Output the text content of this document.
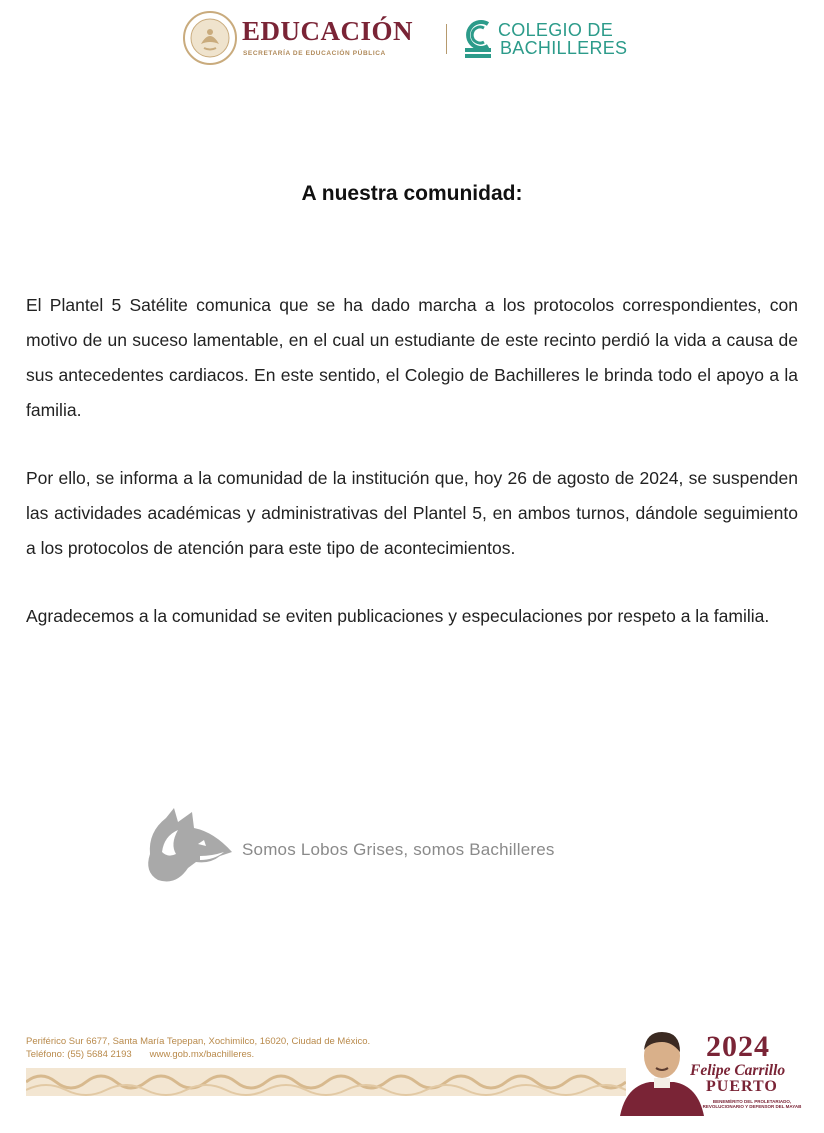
EDUCACIÓN
SECRETARÍA DE EDUCACIÓN PÚBLICA
COLEGIO DE
BACHILLERES
A nuestra comunidad:

El Plantel 5 Satélite comunica que se ha dado marcha a los protocolos correspondientes, con motivo de un suceso lamentable, en el cual un estudiante de este recinto perdió la vida a causa de sus antecedentes cardiacos. En este sentido, el Colegio de Bachilleres le brinda todo el apoyo a la familia.

Por ello, se informa a la comunidad de la institución que, hoy 26 de agosto de 2024, se suspenden las actividades académicas y administrativas del Plantel 5, en ambos turnos, dándole seguimiento a los protocolos de atención para este tipo de acontecimientos.

Agradecemos a la comunidad se eviten publicaciones y especulaciones por respeto a la familia.

Somos Lobos Grises, somos Bachilleres
Periférico Sur 6677, Santa María Tepepan, Xochimilco, 16020, Ciudad de México.
Teléfono: (55) 5684 2193 www.gob.mx/bachilleres.	2024
Felipe Carrillo
PUERTO
BENEMÉRITO DEL PROLETARIADO, REVOLUCIONARIO Y DEFENSOR DEL MAYAB
